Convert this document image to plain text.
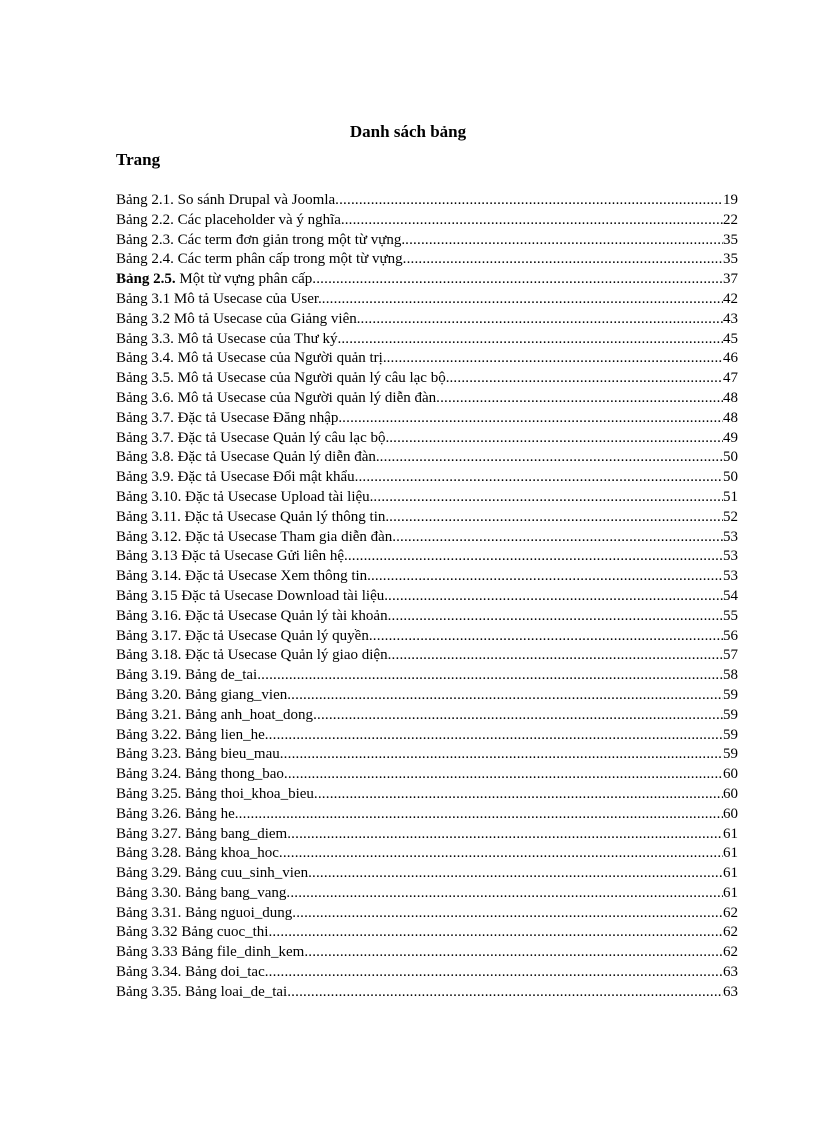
Danh sách bảng
Trang
Bảng 2.1. So sánh Drupal và Joomla .....	19
Bảng 2.2. Các placeholder và ý nghĩa. .....	22
Bảng 2.3. Các term đơn giản trong một từ vựng. .....	35
Bảng 2.4. Các term phân cấp trong một từ vựng .....	35
Bảng 2.5. Một từ vựng phân cấp .....	37
Bảng 3.1 Mô tả Usecase của User. .....	42
Bảng 3.2 Mô tả Usecase của Giảng viên. .....	43
Bảng 3.3. Mô tả Usecase của Thư ký. .....	45
Bảng 3.4. Mô tả Usecase của Người quản trị. .....	46
Bảng 3.5. Mô tả Usecase của Người quản lý câu lạc bộ. .....	47
Bảng 3.6. Mô tả Usecase của Người quản lý diễn đàn .....	48
Bảng 3.7. Đặc tả Usecase Đăng nhập. .....	48
Bảng 3.7. Đặc tả Usecase Quản lý câu lạc bộ. .....	49
Bảng 3.8. Đặc tả Usecase Quản lý diễn đàn. .....	50
Bảng 3.9. Đặc tả Usecase Đổi mật khẩu. .....	50
Bảng 3.10. Đặc tả Usecase Upload tài liệu. .....	51
Bảng 3.11. Đặc tả Usecase Quản lý thông tin. .....	52
Bảng 3.12. Đặc tả Usecase Tham gia diễn đàn. .....	53
Bảng 3.13 Đặc tả Usecase Gửi liên hệ. .....	53
Bảng 3.14. Đặc tả Usecase Xem thông tin. .....	53
Bảng 3.15 Đặc tả Usecase Download tài liệu. .....	54
Bảng 3.16. Đặc tả Usecase Quản lý tài khoản .....	55
Bảng 3.17. Đặc tả Usecase Quản lý quyền .....	56
Bảng 3.18. Đặc tả Usecase Quản lý giao diện .....	57
Bảng 3.19. Bảng de_tai .....	58
Bảng 3.20. Bảng giang_vien .....	59
Bảng 3.21. Bảng anh_hoat_dong .....	59
Bảng 3.22. Bảng lien_he .....	59
Bảng 3.23. Bảng bieu_mau .....	59
Bảng 3.24. Bảng thong_bao .....	60
Bảng 3.25. Bảng thoi_khoa_bieu .....	60
Bảng 3.26. Bảng he .....	60
Bảng 3.27. Bảng bang_diem .....	61
Bảng 3.28. Bảng khoa_hoc .....	61
Bảng 3.29. Bảng cuu_sinh_vien .....	61
Bảng 3.30. Bảng bang_vang .....	61
Bảng 3.31. Bảng nguoi_dung .....	62
Bảng 3.32 Bảng cuoc_thi .....	62
Bảng 3.33 Bảng file_dinh_kem .....	62
Bảng 3.34. Bảng doi_tac .....	63
Bảng 3.35. Bảng loai_de_tai .....	63
